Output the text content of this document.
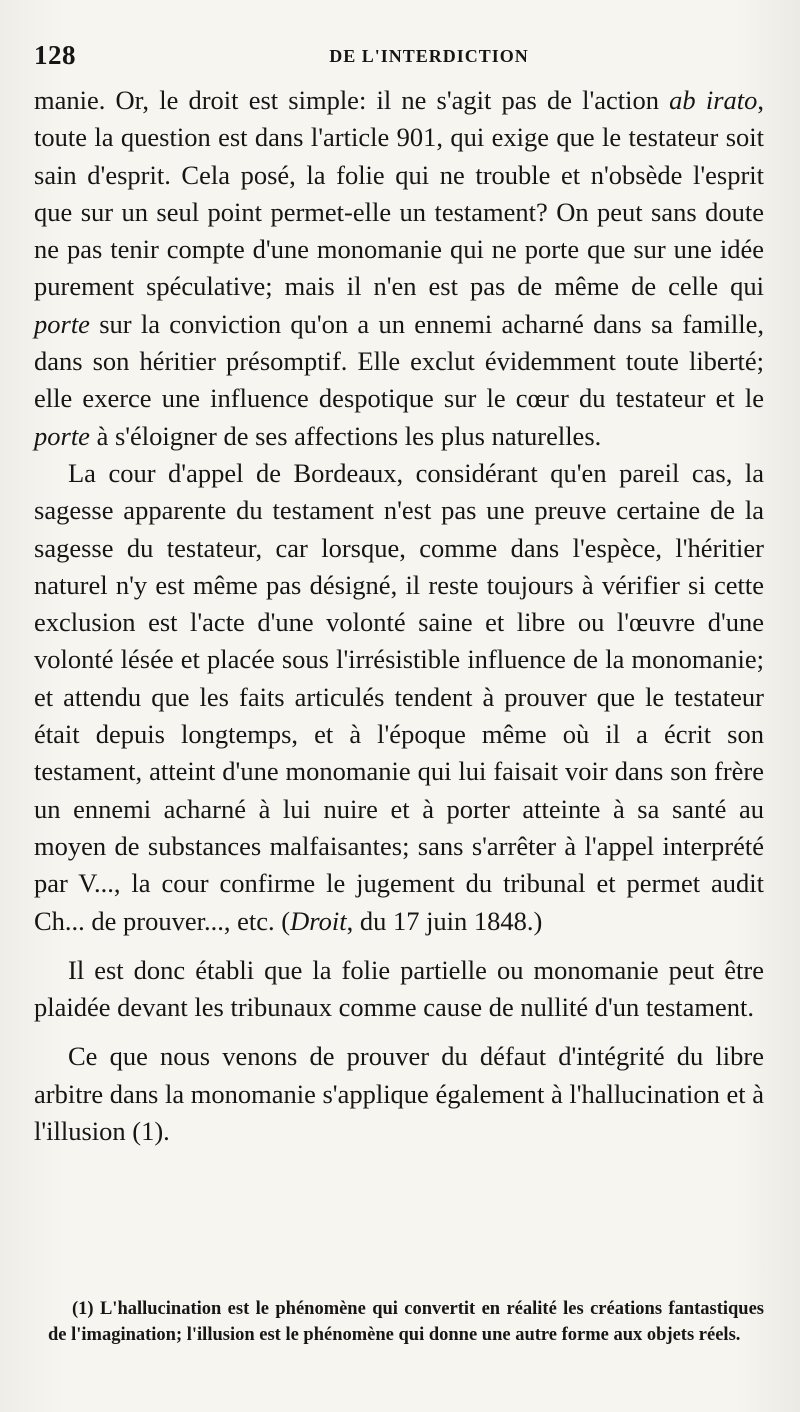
128	DE L'INTERDICTION

manie. Or, le droit est simple: il ne s'agit pas de l'action ab irato, toute la question est dans l'article 901, qui exige que le testateur soit sain d'esprit. Cela posé, la folie qui ne trouble et n'obsède l'esprit que sur un seul point permet-elle un testament? On peut sans doute ne pas tenir compte d'une monomanie qui ne porte que sur une idée purement spéculative; mais il n'en est pas de même de celle qui porte sur la conviction qu'on a un ennemi acharné dans sa famille, dans son héritier présomptif. Elle exclut évidemment toute liberté; elle exerce une influence despotique sur le cœur du testateur et le porte à s'éloigner de ses affections les plus naturelles.

La cour d'appel de Bordeaux, considérant qu'en pareil cas, la sagesse apparente du testament n'est pas une preuve certaine de la sagesse du testateur, car lorsque, comme dans l'espèce, l'héritier naturel n'y est même pas désigné, il reste toujours à vérifier si cette exclusion est l'acte d'une volonté saine et libre ou l'œuvre d'une volonté lésée et placée sous l'irrésistible influence de la monomanie; et attendu que les faits articulés tendent à prouver que le testateur était depuis longtemps, et à l'époque même où il a écrit son testament, atteint d'une monomanie qui lui faisait voir dans son frère un ennemi acharné à lui nuire et à porter atteinte à sa santé au moyen de substances malfaisantes; sans s'arrêter à l'appel interprété par V..., la cour confirme le jugement du tribunal et permet audit Ch... de prouver..., etc. (Droit, du 17 juin 1848.)

Il est donc établi que la folie partielle ou monomanie peut être plaidée devant les tribunaux comme cause de nullité d'un testament.

Ce que nous venons de prouver du défaut d'intégrité du libre arbitre dans la monomanie s'applique également à l'hallucination et à l'illusion (1).

(1) L'hallucination est le phénomène qui convertit en réalité les créations fantastiques de l'imagination; l'illusion est le phénomène qui donne une autre forme aux objets réels.
